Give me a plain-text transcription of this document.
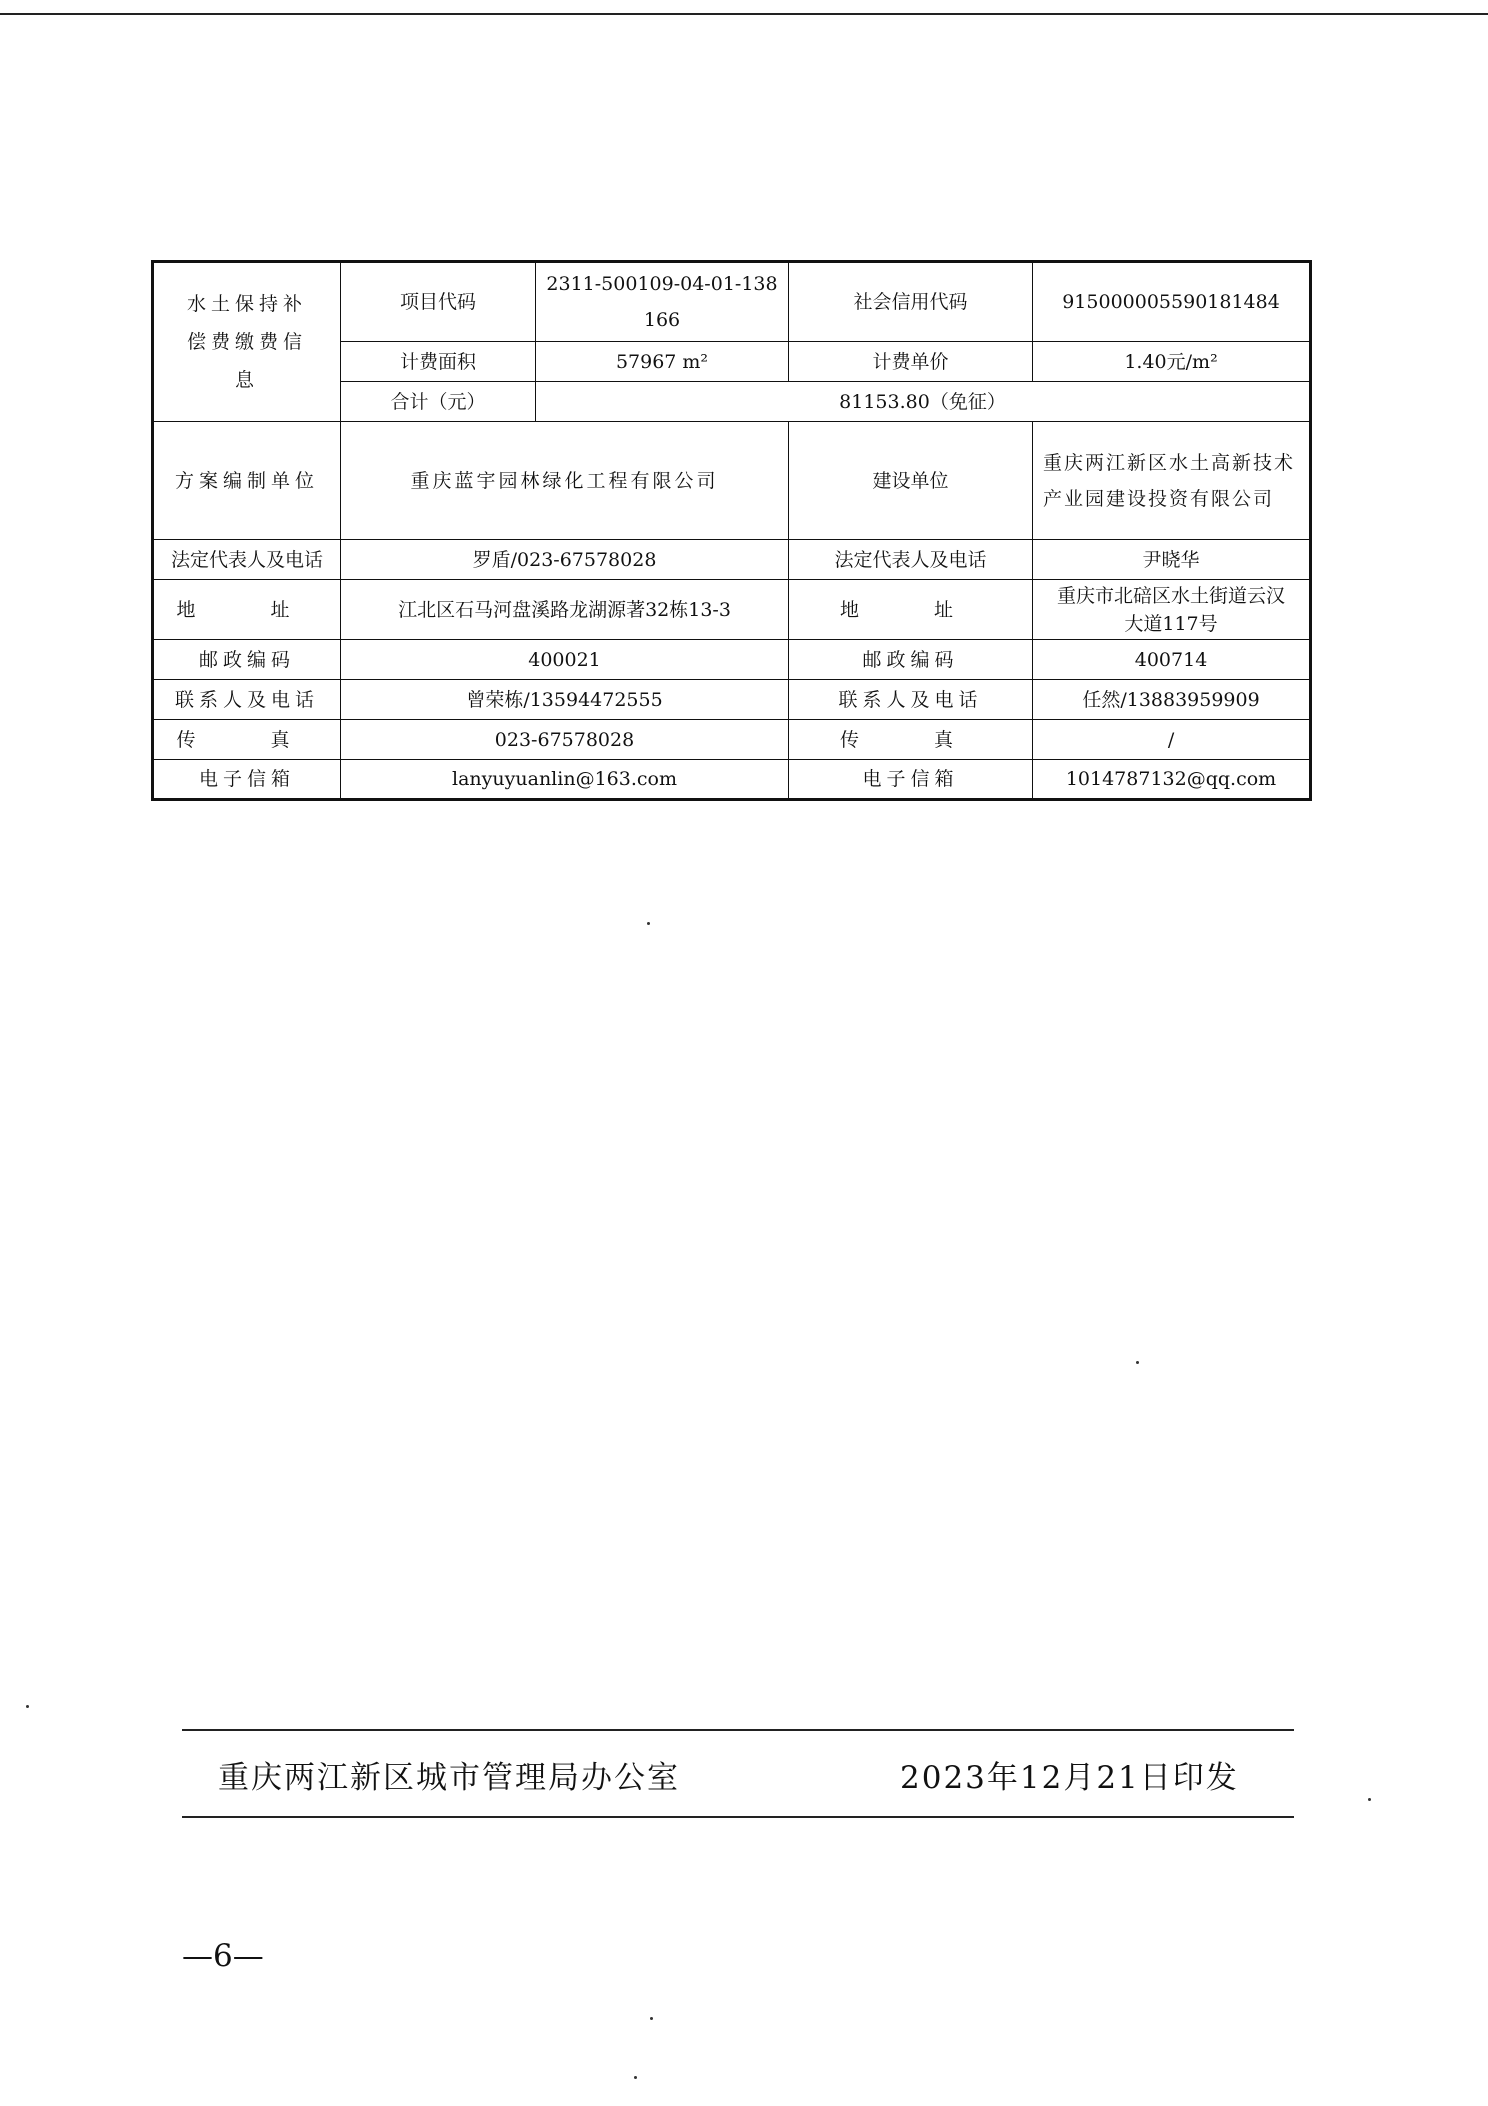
水土保持补偿费缴费信息	项目代码	2311-500109-04-01-138166	社会信用代码	915000005590181484
	计费面积	57967 m²	计费单价	1.40元/m²
	合计（元）	81153.80（免征）		
方案编制单位	重庆蓝宇园林绿化工程有限公司		建设单位	重庆两江新区水土高新技术产业园建设投资有限公司
法定代表人及电话	罗盾/023-67578028		法定代表人及电话	尹晓华
地　址	江北区石马河盘溪路龙湖源著32栋13-3		地　址	重庆市北碚区水土街道云汉大道117号
邮政编码	400021		邮政编码	400714
联系人及电话	曾荣栋/13594472555		联系人及电话	任然/13883959909
传　真	023-67578028		传　真	/
电子信箱	lanyuyuanlin@163.com		电子信箱	1014787132@qq.com
重庆两江新区城市管理局办公室	2023年12月21日印发
—6—
